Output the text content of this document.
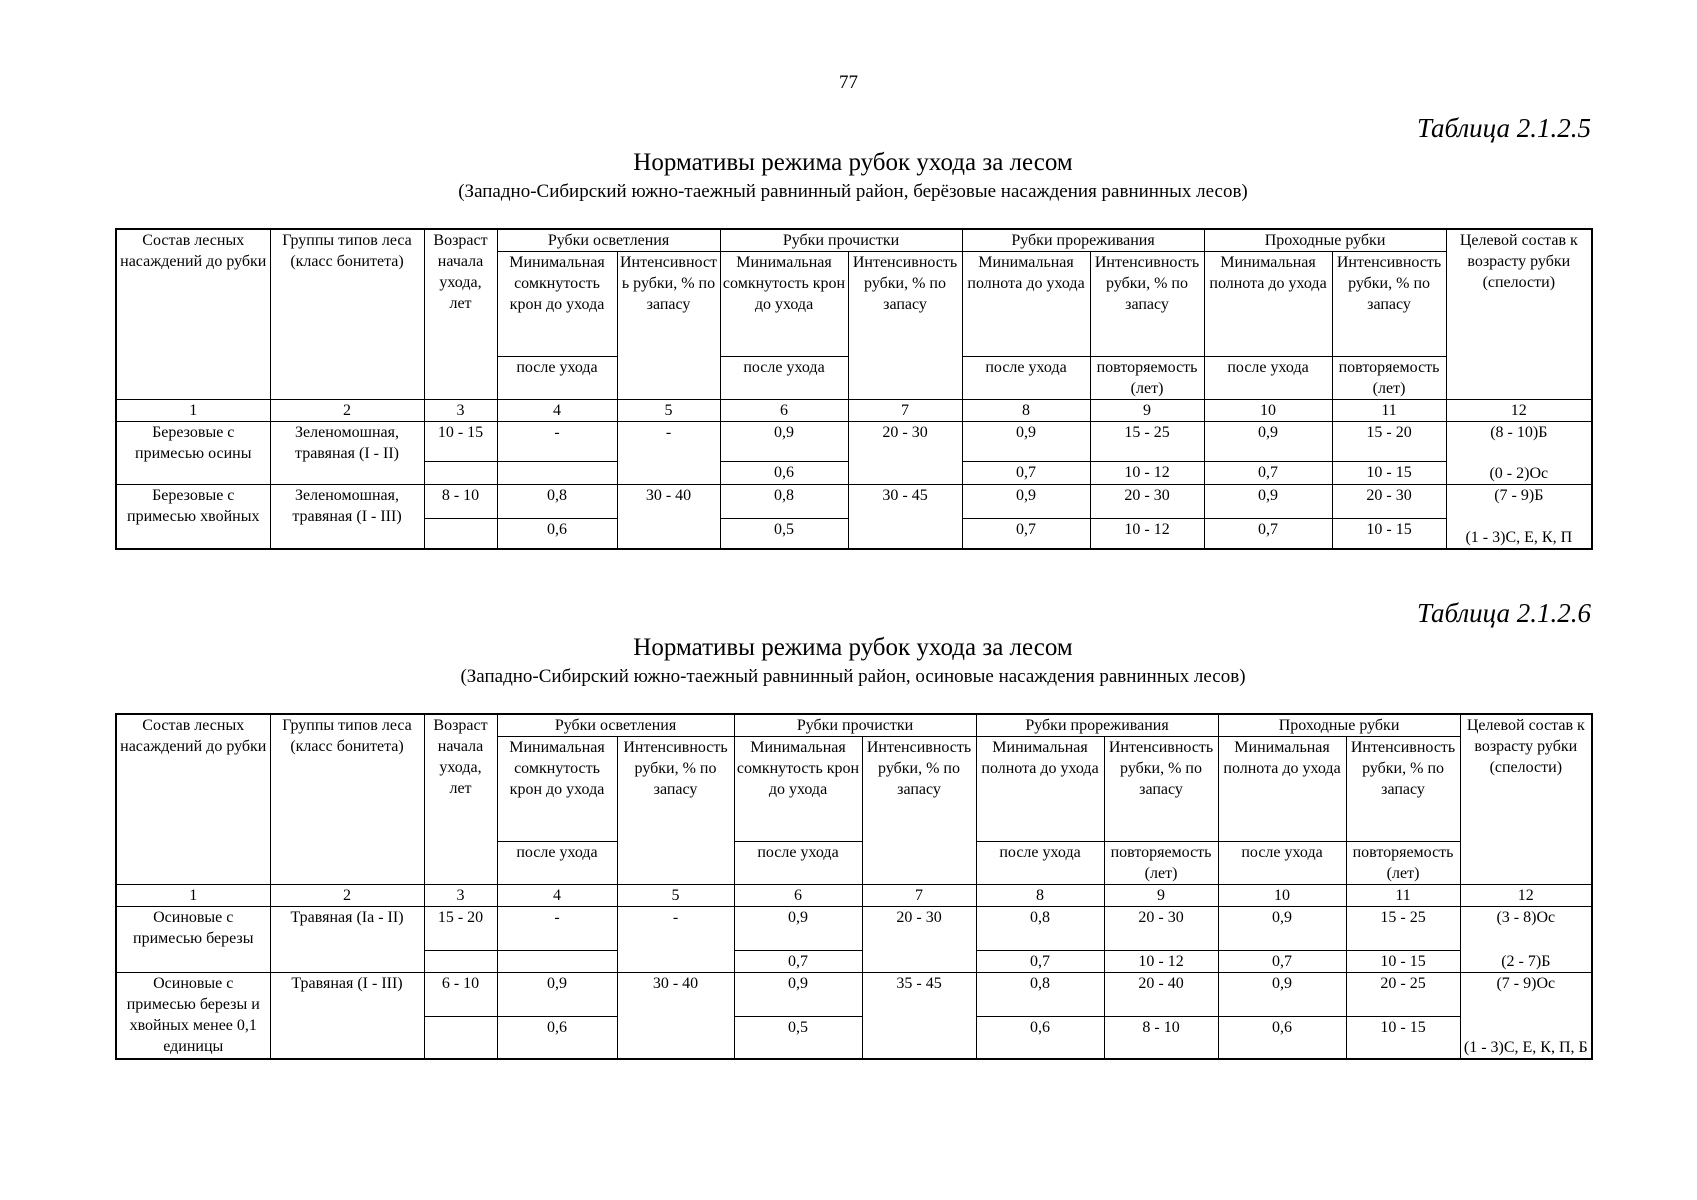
77
Таблица 2.1.2.5
Нормативы режима рубок ухода за лесом
(Западно-Сибирский южно-таежный равнинный район, берёзовые насаждения равнинных лесов)
Состав лесных насаждений до рубки	Группы типов леса (класс бонитета)	Возраст начала ухода, лет	Рубки осветления		Рубки прочистки		Рубки прореживания		Проходные рубки		Целевой состав к возрасту рубки (спелости)
			Минимальная сомкнутость крон до ухода	Интенсивность рубки, % по запасу	Минимальная сомкнутость крон до ухода	Интенсивность рубки, % по запасу	Минимальная полнота до ухода	Интенсивность рубки, % по запасу	Минимальная полнота до ухода	Интенсивность рубки, % по запасу	
			после ухода		после ухода		после ухода	повторяемость (лет)	после ухода	повторяемость (лет)	
1	2	3	4	5	6	7	8	9	10	11	12
Березовые с примесью осины	Зеленомошная, травяная (I - II)	10 - 15	-	-	0,9	20 - 30	0,9	15 - 25	0,9	15 - 20	(8 - 10)Б
					0,6		0,7	10 - 12	0,7	10 - 15	(0 - 2)Ос
Березовые с примесью хвойных	Зеленомошная, травяная (I - III)	8 - 10	0,8	30 - 40	0,8	30 - 45	0,9	20 - 30	0,9	20 - 30	(7 - 9)Б
			0,6		0,5		0,7	10 - 12	0,7	10 - 15	(1 - 3)С, Е, К, П
Таблица 2.1.2.6
Нормативы режима рубок ухода за лесом
(Западно-Сибирский южно-таежный равнинный район, осиновые насаждения равнинных лесов)
Состав лесных насаждений до рубки	Группы типов леса (класс бонитета)	Возраст начала ухода, лет	Рубки осветления		Рубки прочистки		Рубки прореживания		Проходные рубки		Целевой состав к возрасту рубки (спелости)
			Минимальная сомкнутость крон до ухода	Интенсивность рубки, % по запасу	Минимальная сомкнутость крон до ухода	Интенсивность рубки, % по запасу	Минимальная полнота до ухода	Интенсивность рубки, % по запасу	Минимальная полнота до ухода	Интенсивность рубки, % по запасу	
			после ухода		после ухода		после ухода	повторяемость (лет)	после ухода	повторяемость (лет)	
1	2	3	4	5	6	7	8	9	10	11	12
Осиновые с примесью березы	Травяная (Ia - II)	15 - 20	-	-	0,9	20 - 30	0,8	20 - 30	0,9	15 - 25	(3 - 8)Ос
					0,7		0,7	10 - 12	0,7	10 - 15	(2 - 7)Б
Осиновые с примесью березы и хвойных менее 0,1 единицы	Травяная (I - III)	6 - 10	0,9	30 - 40	0,9	35 - 45	0,8	20 - 40	0,9	20 - 25	(7 - 9)Ос
			0,6		0,5		0,6	8 - 10	0,6	10 - 15	(1 - 3)С, Е, К, П, Б
